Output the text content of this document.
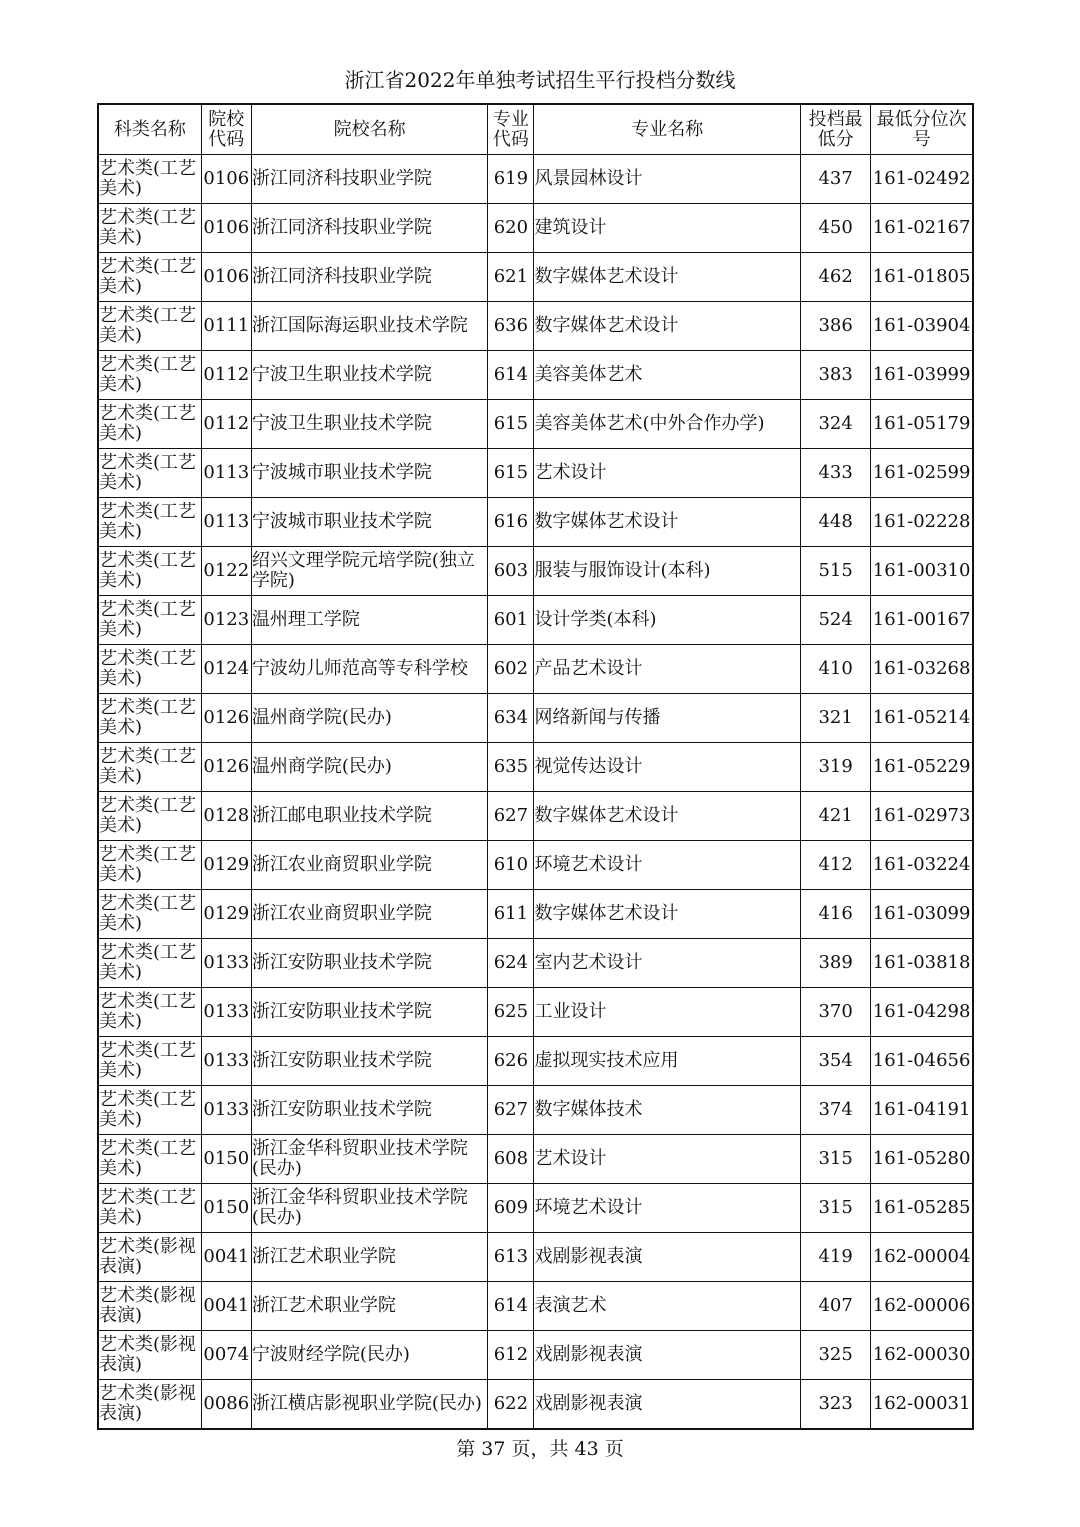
浙江省2022年单独考试招生平行投档分数线
科类名称	院校代码	院校名称	专业代码	专业名称	投档最低分	最低分位次号
艺术类(工艺美术)	0106	浙江同济科技职业学院	619	风景园林设计	437	161-02492
艺术类(工艺美术)	0106	浙江同济科技职业学院	620	建筑设计	450	161-02167
艺术类(工艺美术)	0106	浙江同济科技职业学院	621	数字媒体艺术设计	462	161-01805
艺术类(工艺美术)	0111	浙江国际海运职业技术学院	636	数字媒体艺术设计	386	161-03904
艺术类(工艺美术)	0112	宁波卫生职业技术学院	614	美容美体艺术	383	161-03999
艺术类(工艺美术)	0112	宁波卫生职业技术学院	615	美容美体艺术(中外合作办学)	324	161-05179
艺术类(工艺美术)	0113	宁波城市职业技术学院	615	艺术设计	433	161-02599
艺术类(工艺美术)	0113	宁波城市职业技术学院	616	数字媒体艺术设计	448	161-02228
艺术类(工艺美术)	0122	绍兴文理学院元培学院(独立学院)	603	服装与服饰设计(本科)	515	161-00310
艺术类(工艺美术)	0123	温州理工学院	601	设计学类(本科)	524	161-00167
艺术类(工艺美术)	0124	宁波幼儿师范高等专科学校	602	产品艺术设计	410	161-03268
艺术类(工艺美术)	0126	温州商学院(民办)	634	网络新闻与传播	321	161-05214
艺术类(工艺美术)	0126	温州商学院(民办)	635	视觉传达设计	319	161-05229
艺术类(工艺美术)	0128	浙江邮电职业技术学院	627	数字媒体艺术设计	421	161-02973
艺术类(工艺美术)	0129	浙江农业商贸职业学院	610	环境艺术设计	412	161-03224
艺术类(工艺美术)	0129	浙江农业商贸职业学院	611	数字媒体艺术设计	416	161-03099
艺术类(工艺美术)	0133	浙江安防职业技术学院	624	室内艺术设计	389	161-03818
艺术类(工艺美术)	0133	浙江安防职业技术学院	625	工业设计	370	161-04298
艺术类(工艺美术)	0133	浙江安防职业技术学院	626	虚拟现实技术应用	354	161-04656
艺术类(工艺美术)	0133	浙江安防职业技术学院	627	数字媒体技术	374	161-04191
艺术类(工艺美术)	0150	浙江金华科贸职业技术学院(民办)	608	艺术设计	315	161-05280
艺术类(工艺美术)	0150	浙江金华科贸职业技术学院(民办)	609	环境艺术设计	315	161-05285
艺术类(影视表演)	0041	浙江艺术职业学院	613	戏剧影视表演	419	162-00004
艺术类(影视表演)	0041	浙江艺术职业学院	614	表演艺术	407	162-00006
艺术类(影视表演)	0074	宁波财经学院(民办)	612	戏剧影视表演	325	162-00030
艺术类(影视表演)	0086	浙江横店影视职业学院(民办)	622	戏剧影视表演	323	162-00031
第 37 页，共 43 页
